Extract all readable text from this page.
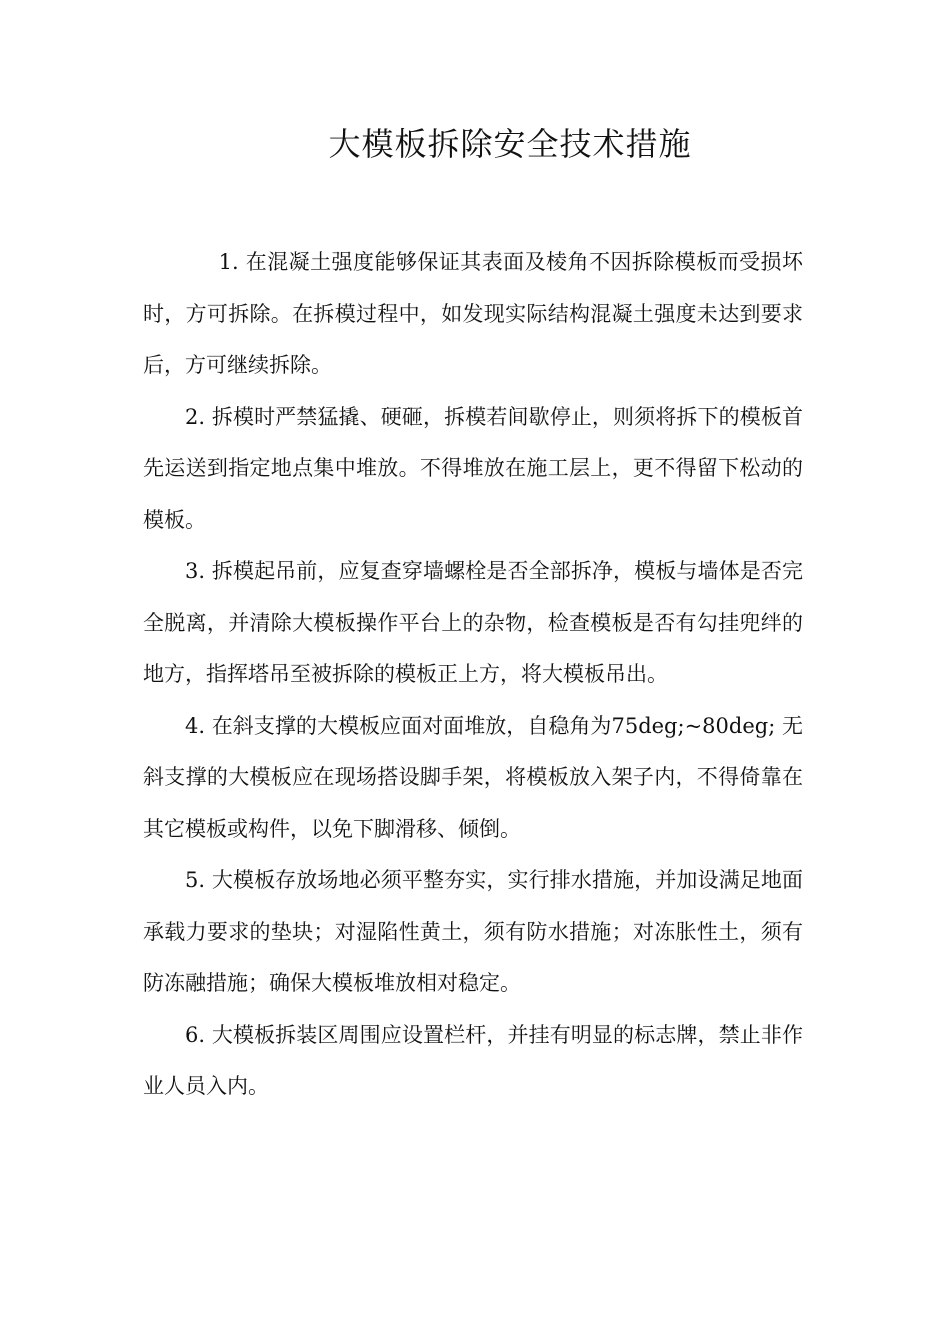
大模板拆除安全技术措施

1. 在混凝土强度能够保证其表面及棱角不因拆除模板而受损坏时，方可拆除。在拆模过程中，如发现实际结构混凝土强度未达到要求后，方可继续拆除。

2. 拆模时严禁猛撬、硬砸，拆模若间歇停止，则须将拆下的模板首先运送到指定地点集中堆放。不得堆放在施工层上，更不得留下松动的模板。

3. 拆模起吊前，应复查穿墙螺栓是否全部拆净，模板与墙体是否完全脱离，并清除大模板操作平台上的杂物，检查模板是否有勾挂兜绊的地方，指挥塔吊至被拆除的模板正上方，将大模板吊出。

4. 在斜支撑的大模板应面对面堆放，自稳角为75deg;~80deg; 无斜支撑的大模板应在现场搭设脚手架，将模板放入架子内，不得倚靠在其它模板或构件，以免下脚滑移、倾倒。

5. 大模板存放场地必须平整夯实，实行排水措施，并加设满足地面承载力要求的垫块；对湿陷性黄土，须有防水措施；对冻胀性土，须有防冻融措施；确保大模板堆放相对稳定。

6. 大模板拆装区周围应设置栏杆，并挂有明显的标志牌，禁止非作业人员入内。
